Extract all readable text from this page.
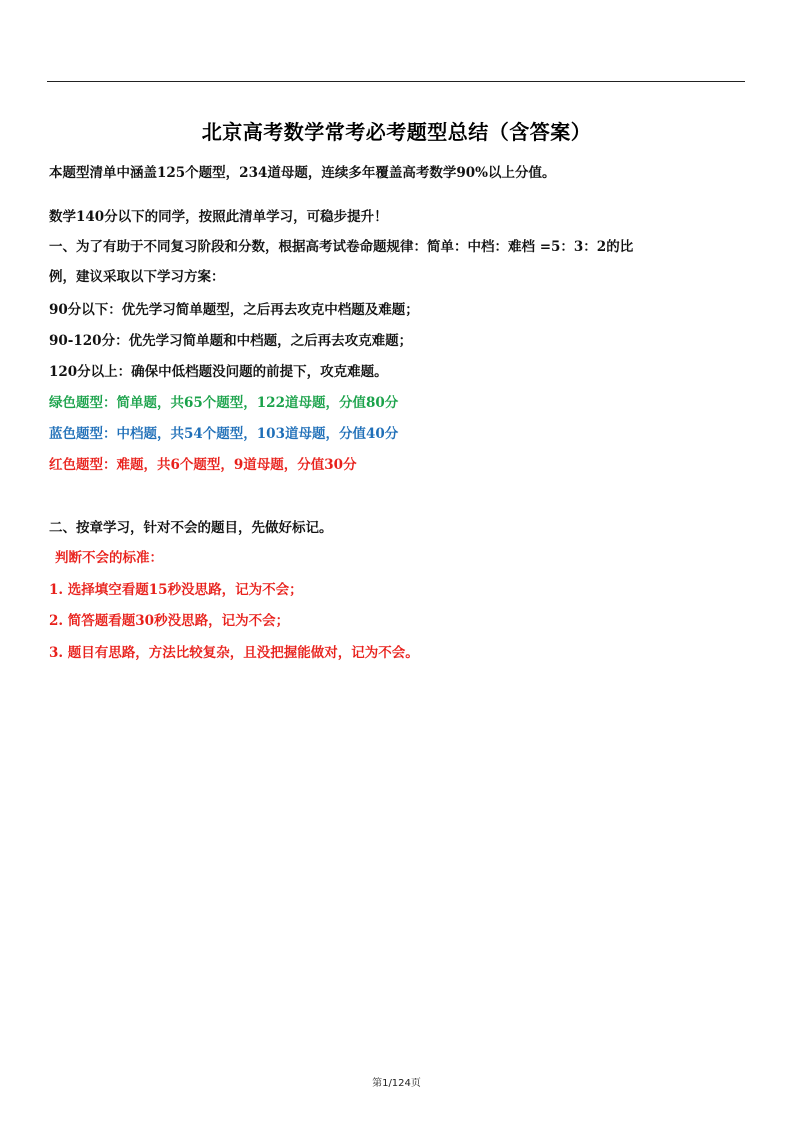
北京高考数学常考必考题型总结（含答案）
本题型清单中涵盖125个题型，234道母题，连续多年覆盖高考数学90%以上分值。
数学140分以下的同学，按照此清单学习，可稳步提升！
一、为了有助于不同复习阶段和分数，根据高考试卷命题规律：简单：中档：难档 =5：3：2的比
例，建议采取以下学习方案：
90分以下：优先学习简单题型，之后再去攻克中档题及难题；
90-120分：优先学习简单题和中档题，之后再去攻克难题；
120分以上：确保中低档题没问题的前提下，攻克难题。
绿色题型：简单题，共65个题型，122道母题，分值80分
蓝色题型：中档题，共54个题型，103道母题，分值40分
红色题型：难题，共6个题型，9道母题，分值30分
二、按章学习，针对不会的题目，先做好标记。
判断不会的标准：
1. 选择填空看题15秒没思路，记为不会；
2. 简答题看题30秒没思路，记为不会；
3. 题目有思路，方法比较复杂，且没把握能做对，记为不会。
第1/124页
